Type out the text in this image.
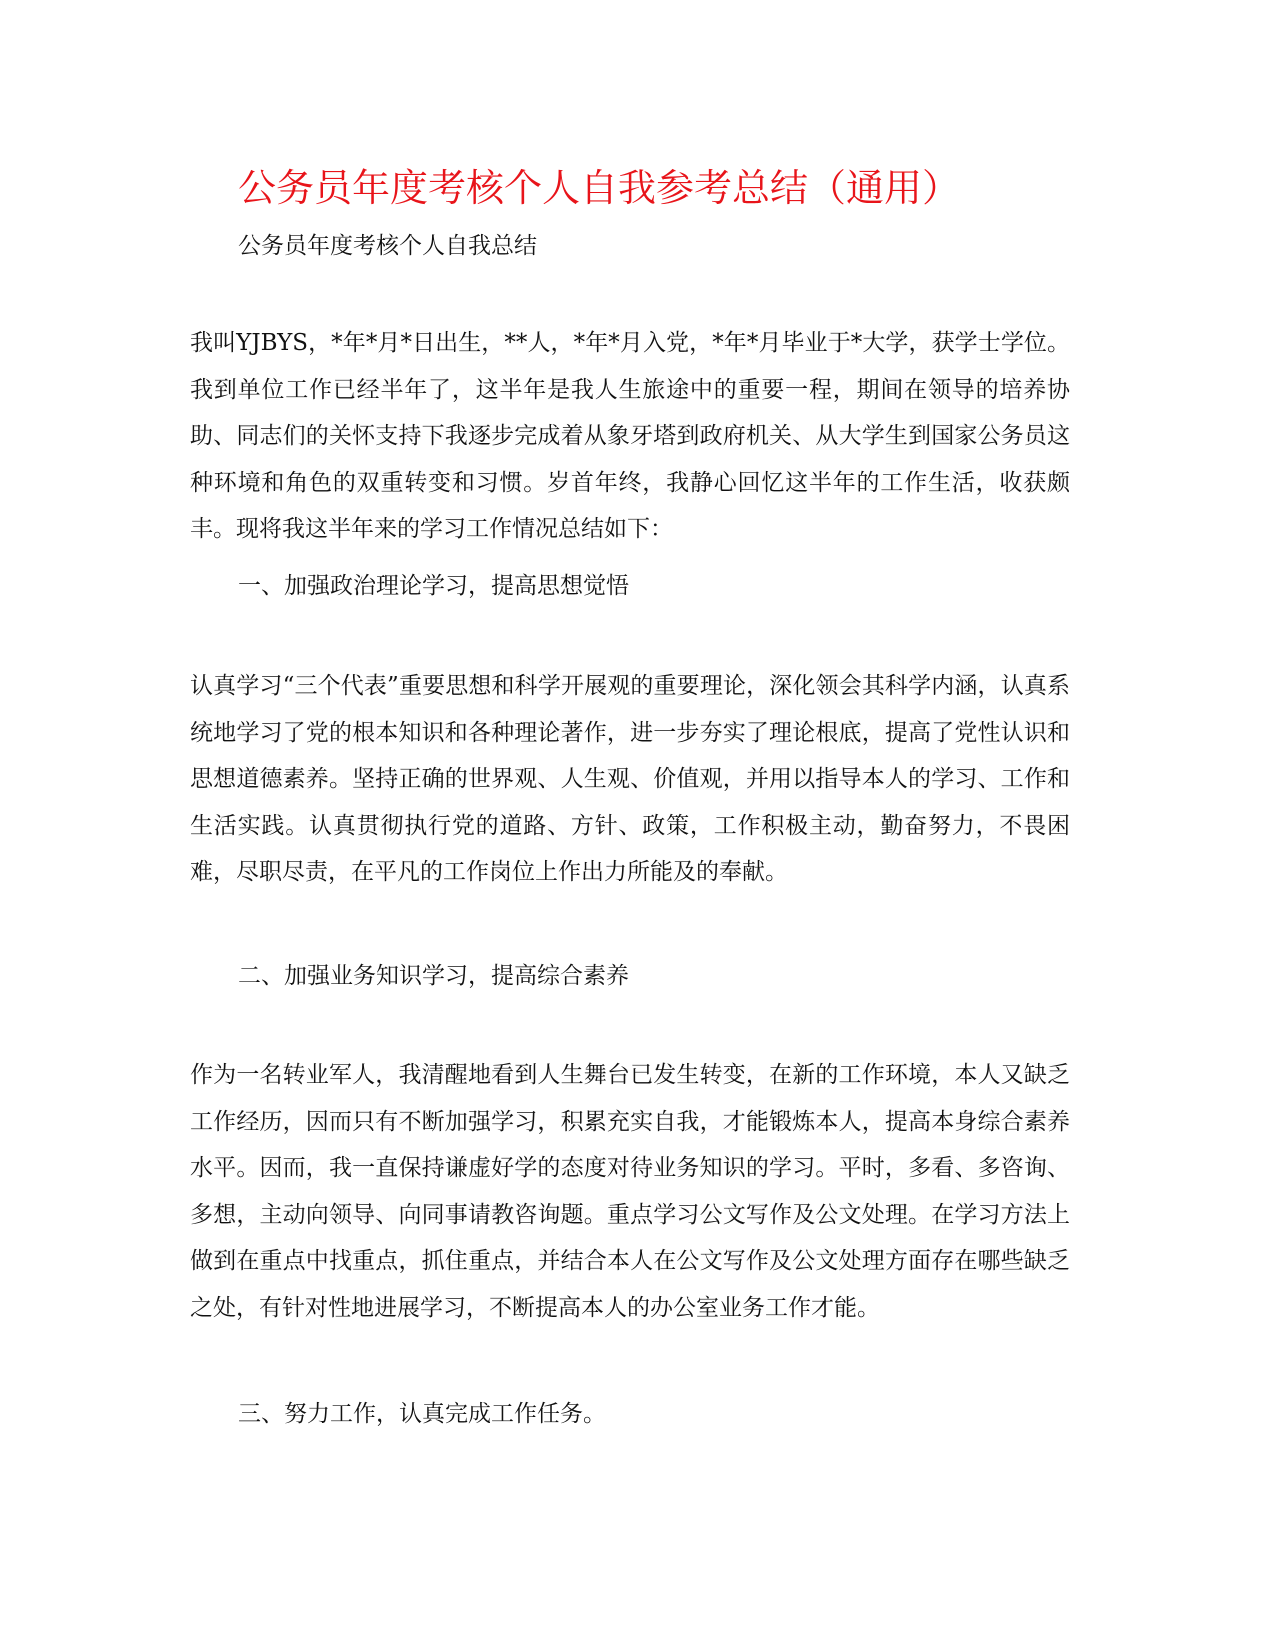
公务员年度考核个人自我参考总结（通用）

公务员年度考核个人自我总结

我叫YJBYS，*年*月*日出生，**人，*年*月入党，*年*月毕业于*大学，获学士学位。我到单位工作已经半年了，这半年是我人生旅途中的重要一程，期间在领导的培养协助、同志们的关怀支持下我逐步完成着从象牙塔到政府机关、从大学生到国家公务员这种环境和角色的双重转变和习惯。岁首年终，我静心回忆这半年的工作生活，收获颇丰。现将我这半年来的学习工作情况总结如下：

一、加强政治理论学习，提高思想觉悟

认真学习“三个代表”重要思想和科学开展观的重要理论，深化领会其科学内涵，认真系统地学习了党的根本知识和各种理论著作，进一步夯实了理论根底，提高了党性认识和思想道德素养。坚持正确的世界观、人生观、价值观，并用以指导本人的学习、工作和生活实践。认真贯彻执行党的道路、方针、政策，工作积极主动，勤奋努力，不畏困难，尽职尽责，在平凡的工作岗位上作出力所能及的奉献。

二、加强业务知识学习，提高综合素养

作为一名转业军人，我清醒地看到人生舞台已发生转变，在新的工作环境，本人又缺乏工作经历，因而只有不断加强学习，积累充实自我，才能锻炼本人，提高本身综合素养水平。因而，我一直保持谦虚好学的态度对待业务知识的学习。平时，多看、多咨询、多想，主动向领导、向同事请教咨询题。重点学习公文写作及公文处理。在学习方法上做到在重点中找重点，抓住重点，并结合本人在公文写作及公文处理方面存在哪些缺乏之处，有针对性地进展学习，不断提高本人的办公室业务工作才能。

三、努力工作，认真完成工作任务。
